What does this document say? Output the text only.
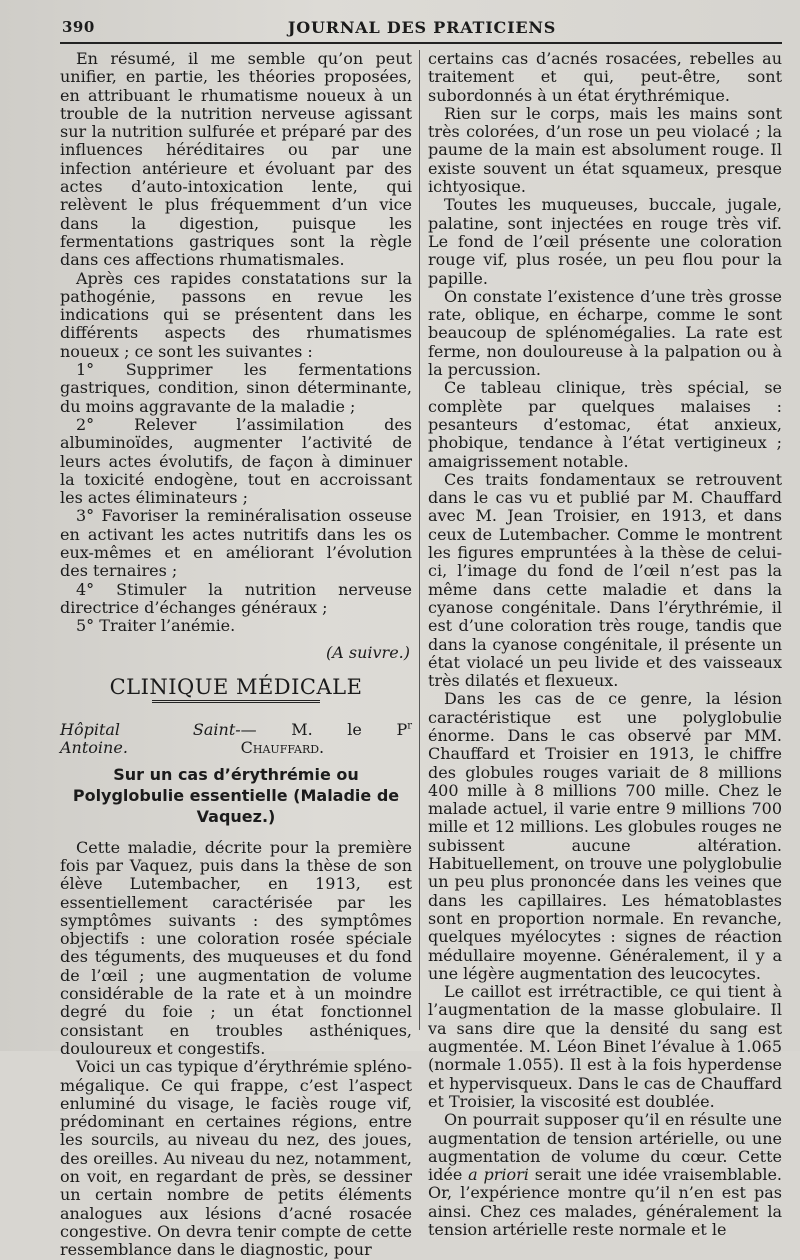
390	JOURNAL DES PRATICIENS

En résumé, il me semble qu’on peut unifier, en partie, les théories proposées, en attribuant le rhumatisme noueux à un trouble de la nutrition nerveuse agissant sur la nutrition sulfurée et préparé par des influences héréditaires ou par une infection antérieure et évoluant par des actes d’auto-intoxication lente, qui relèvent le plus fréquemment d’un vice dans la digestion, puisque les fermentations gastriques sont la règle dans ces affections rhumatismales.

Après ces rapides constatations sur la pathogénie, passons en revue les indications qui se présentent dans les différents aspects des rhumatismes noueux ; ce sont les suivantes :

1° Supprimer les fermentations gastriques, condition, sinon déterminante, du moins aggravante de la maladie ;

2° Relever l’assimilation des albuminoïdes, augmenter l’activité de leurs actes évolutifs, de façon à diminuer la toxicité endogène, tout en accroissant les actes éliminateurs ;

3° Favoriser la reminéralisation osseuse en activant les actes nutritifs dans les os eux-mêmes et en améliorant l’évolution des ternaires ;

4° Stimuler la nutrition nerveuse directrice d’échanges généraux ;

5° Traiter l’anémie.

(A suivre.)

CLINIQUE MÉDICALE

Hôpital Saint-Antoine.
— M. le $P^r$ Chauffard.

Sur un cas d’érythrémie ou
Polyglobulie essentielle (Maladie de Vaquez.)

Cette maladie, décrite pour la première fois par Vaquez, puis dans la thèse de son élève Lutembacher, en 1913, est essentiellement caractérisée par les symptômes suivants : des symptômes objectifs : une coloration rosée spéciale des téguments, des muqueuses et du fond de l’œil ; une augmentation de volume considérable de la rate et à un moindre degré du foie ; un état fonctionnel consistant en troubles asthéniques, douloureux et congestifs.

Voici un cas typique d’érythrémie spléno-mégalique. Ce qui frappe, c’est l’aspect enluminé du visage, le faciès rouge vif, prédominant en certaines régions, entre les sourcils, au niveau du nez, des joues, des oreilles. Au niveau du nez, notamment, on voit, en regardant de près, se dessiner un certain nombre de petits éléments analogues aux lésions d’acné rosacée congestive. On devra tenir compte de cette ressemblance dans le diagnostic, pour

certains cas d’acnés rosacées, rebelles au traitement et qui, peut-être, sont subordonnés à un état érythrémique.

Rien sur le corps, mais les mains sont très colorées, d’un rose un peu violacé ; la paume de la main est absolument rouge. Il existe souvent un état squameux, presque ichtyosique.

Toutes les muqueuses, buccale, jugale, palatine, sont injectées en rouge très vif. Le fond de l’œil présente une coloration rouge vif, plus rosée, un peu flou pour la papille.

On constate l’existence d’une très grosse rate, oblique, en écharpe, comme le sont beaucoup de splénomégalies. La rate est ferme, non douloureuse à la palpation ou à la percussion.

Ce tableau clinique, très spécial, se complète par quelques malaises : pesanteurs d’estomac, état anxieux, phobique, tendance à l’état vertigineux ; amaigrissement notable.

Ces traits fondamentaux se retrouvent dans le cas vu et publié par M. Chauffard avec M. Jean Troisier, en 1913, et dans ceux de Lutembacher. Comme le montrent les figures empruntées à la thèse de celui-ci, l’image du fond de l’œil n’est pas la même dans cette maladie et dans la cyanose congénitale. Dans l’érythrémie, il est d’une coloration très rouge, tandis que dans la cyanose congénitale, il présente un état violacé un peu livide et des vaisseaux très dilatés et flexueux.

Dans les cas de ce genre, la lésion caractéristique est une polyglobulie énorme. Dans le cas observé par MM. Chauffard et Troisier en 1913, le chiffre des globules rouges variait de 8 millions 400 mille à 8 millions 700 mille. Chez le malade actuel, il varie entre 9 millions 700 mille et 12 millions. Les globules rouges ne subissent aucune altération. Habituellement, on trouve une polyglobulie un peu plus prononcée dans les veines que dans les capillaires. Les hématoblastes sont en proportion normale. En revanche, quelques myélocytes : signes de réaction médullaire moyenne. Généralement, il y a une légère augmentation des leucocytes.

Le caillot est irrétractible, ce qui tient à l’augmentation de la masse globulaire. Il va sans dire que la densité du sang est augmentée. M. Léon Binet l’évalue à 1.065 (normale 1.055). Il est à la fois hyperdense et hypervisqueux. Dans le cas de Chauffard et Troisier, la viscosité est doublée.

On pourrait supposer qu’il en résulte une augmentation de tension artérielle, ou une augmentation de volume du cœur. Cette idée a priori serait une idée vraisemblable. Or, l’expérience montre qu’il n’en est pas ainsi. Chez ces malades, généralement la tension artérielle reste normale et le
